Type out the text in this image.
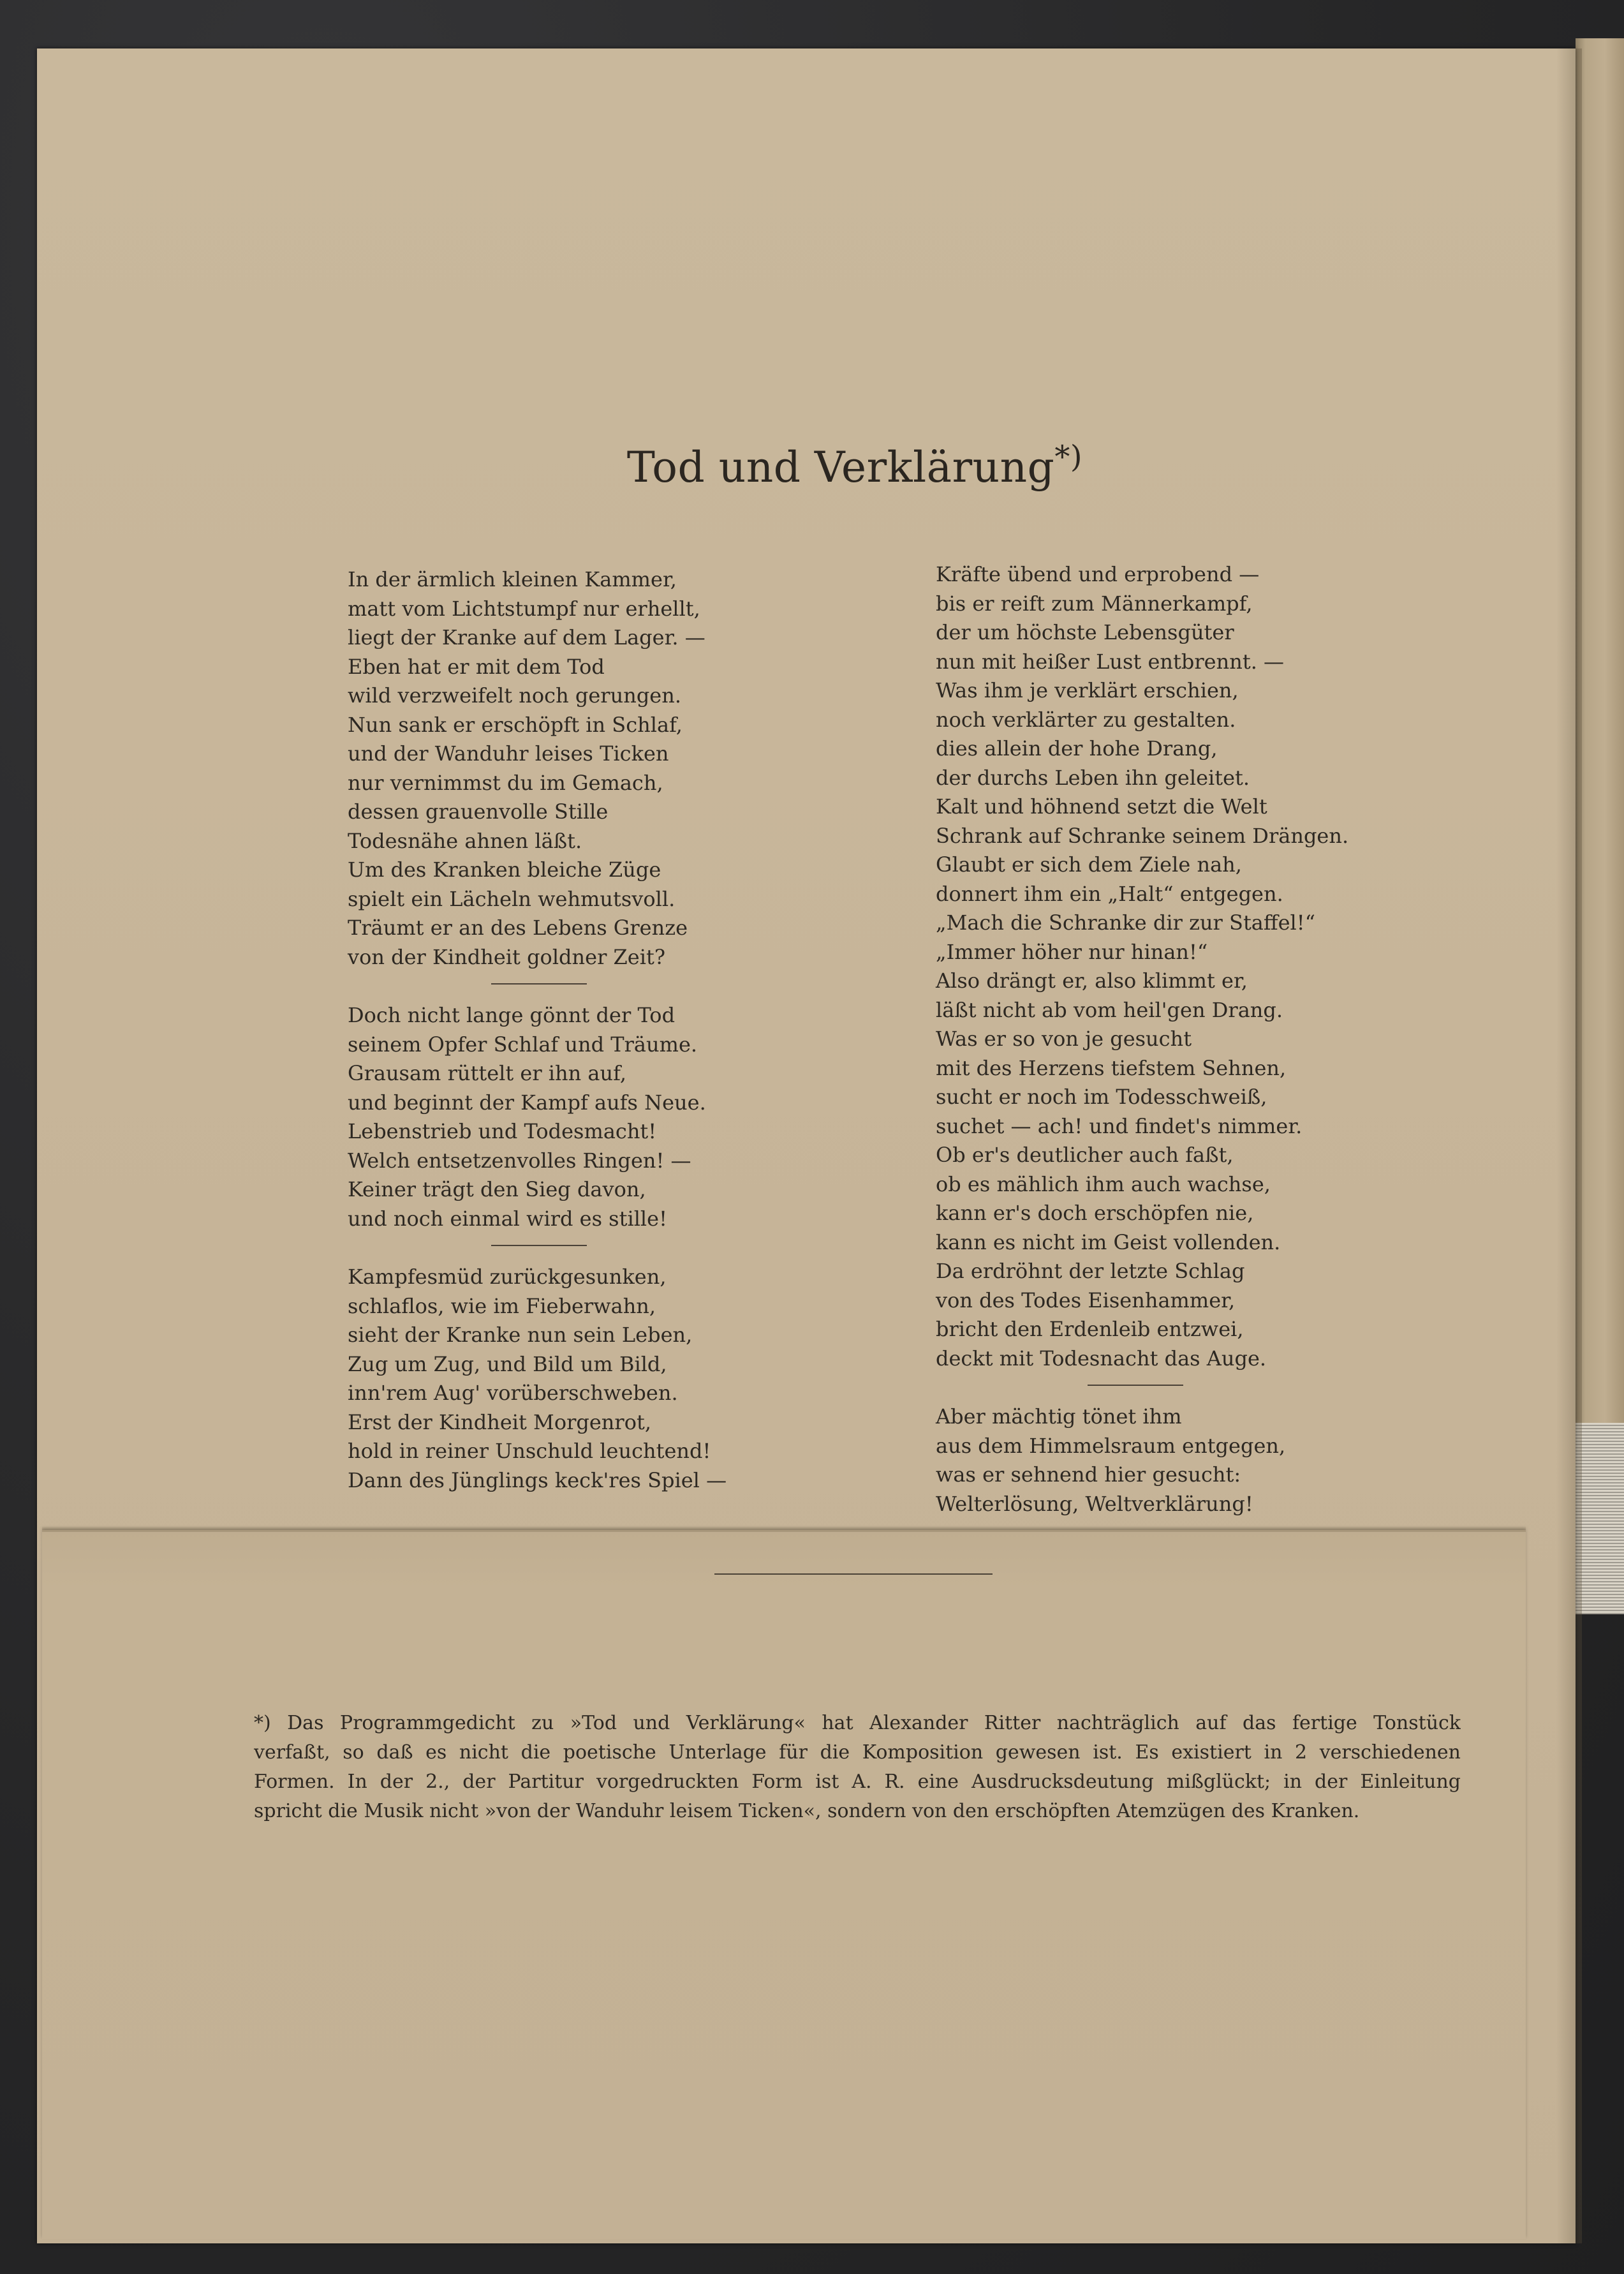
Tod und Verklärung*)
In der ärmlich kleinen Kammer,
matt vom Lichtstumpf nur erhellt,
liegt der Kranke auf dem Lager. —
Eben hat er mit dem Tod
wild verzweifelt noch gerungen.
Nun sank er erschöpft in Schlaf,
und der Wanduhr leises Ticken
nur vernimmst du im Gemach,
dessen grauenvolle Stille
Todesnähe ahnen läßt.
Um des Kranken bleiche Züge
spielt ein Lächeln wehmutsvoll.
Träumt er an des Lebens Grenze
von der Kindheit goldner Zeit?
Doch nicht lange gönnt der Tod
seinem Opfer Schlaf und Träume.
Grausam rüttelt er ihn auf,
und beginnt der Kampf aufs Neue.
Lebenstrieb und Todesmacht!
Welch entsetzenvolles Ringen! —
Keiner trägt den Sieg davon,
und noch einmal wird es stille!
Kampfesmüd zurückgesunken,
schlaflos, wie im Fieberwahn,
sieht der Kranke nun sein Leben,
Zug um Zug, und Bild um Bild,
inn'rem Aug' vorüberschweben.
Erst der Kindheit Morgenrot,
hold in reiner Unschuld leuchtend!
Dann des Jünglings keck'res Spiel —
Kräfte übend und erprobend —
bis er reift zum Männerkampf,
der um höchste Lebensgüter
nun mit heißer Lust entbrennt. —
Was ihm je verklärt erschien,
noch verklärter zu gestalten.
dies allein der hohe Drang,
der durchs Leben ihn geleitet.
Kalt und höhnend setzt die Welt
Schrank auf Schranke seinem Drängen.
Glaubt er sich dem Ziele nah,
donnert ihm ein „Halt“ entgegen.
„Mach die Schranke dir zur Staffel!“
„Immer höher nur hinan!“
Also drängt er, also klimmt er,
läßt nicht ab vom heil'gen Drang.
Was er so von je gesucht
mit des Herzens tiefstem Sehnen,
sucht er noch im Todesschweiß,
suchet — ach! und findet's nimmer.
Ob er's deutlicher auch faßt,
ob es mählich ihm auch wachse,
kann er's doch erschöpfen nie,
kann es nicht im Geist vollenden.
Da erdröhnt der letzte Schlag
von des Todes Eisenhammer,
bricht den Erdenleib entzwei,
deckt mit Todesnacht das Auge.
Aber mächtig tönet ihm
aus dem Himmelsraum entgegen,
was er sehnend hier gesucht:
Welterlösung, Weltverklärung!
*) Das Programmgedicht zu »Tod und Verklärung« hat Alexander Ritter nachträglich auf das fertige Tonstück
verfaßt, so daß es nicht die poetische Unterlage für die Komposition gewesen ist. Es existiert in 2 verschiedenen
Formen. In der 2., der Partitur vorgedruckten Form ist A. R. eine Ausdrucksdeutung mißglückt; in der Einleitung
spricht die Musik nicht »von der Wanduhr leisem Ticken«, sondern von den erschöpften Atemzügen des Kranken.
